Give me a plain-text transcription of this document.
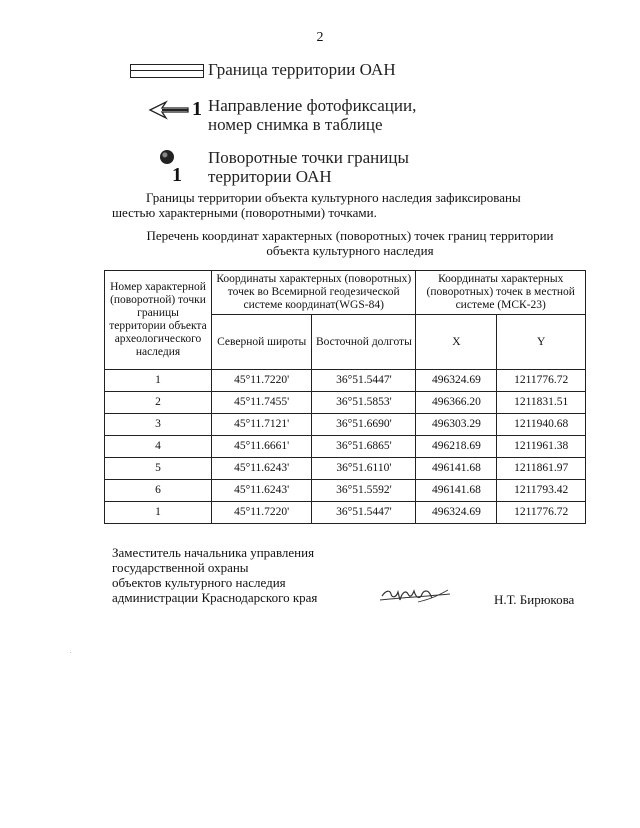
2
Граница территории ОАН
1 Направление фотофиксации,
номер снимка в таблице
1
Поворотные точки границы
территории ОАН
Границы территории объекта культурного наследия зафиксированы
шестью характерными (поворотными) точками.
Перечень координат характерных (поворотных) точек границ территории
объекта культурного наследия
Номер характерной (поворотной) точки границы территории объекта археологического наследия	Координаты характерных (поворотных) точек во Всемирной геодезической системе координат(WGS-84)		Координаты характерных (поворотных) точек в местной системе (МСК-23)	
	Северной широты	Восточной долготы	X	Y
1	45°11.7220'	36°51.5447'	496324.69	1211776.72
2	45°11.7455'	36°51.5853'	496366.20	1211831.51
3	45°11.7121'	36°51.6690'	496303.29	1211940.68
4	45°11.6661'	36°51.6865'	496218.69	1211961.38
5	45°11.6243'	36°51.6110'	496141.68	1211861.97
6	45°11.6243'	36°51.5592'	496141.68	1211793.42
1	45°11.7220'	36°51.5447'	496324.69	1211776.72
Заместитель начальника управления
государственной охраны
объектов культурного наследия
администрации Краснодарского края	Н.Т. Бирюкова
